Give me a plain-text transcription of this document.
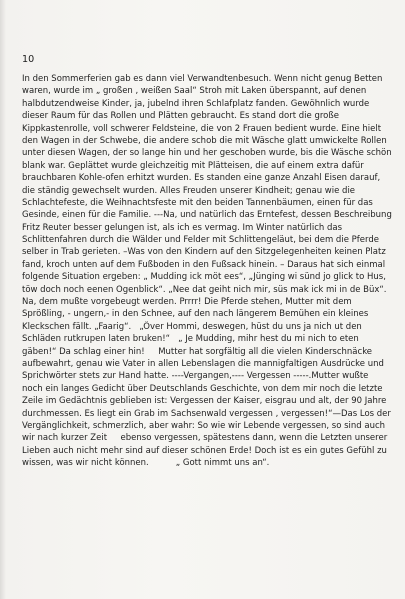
10
In den Sommerferien gab es dann viel Verwandtenbesuch. Wenn nicht genug Betten
waren, wurde im „ großen , weißen Saal“ Stroh mit Laken überspannt, auf denen
halbdutzendweise Kinder, ja, jubelnd ihren Schlafplatz fanden. Gewöhnlich wurde
dieser Raum für das Rollen und Plätten gebraucht. Es stand dort die große
Kippkastenrolle, voll schwerer Feldsteine, die von 2 Frauen bedient wurde. Eine hielt
den Wagen in der Schwebe, die andere schob die mit Wäsche glatt umwickelte Rollen
unter diesen Wagen, der so lange hin und her geschoben wurde, bis die Wäsche schön
blank war. Geplättet wurde gleichzeitig mit Plätteisen, die auf einem extra dafür
brauchbaren Kohle-ofen erhitzt wurden. Es standen eine ganze Anzahl Eisen darauf,
die ständig gewechselt wurden. Alles Freuden unserer Kindheit; genau wie die
Schlachtefeste, die Weihnachtsfeste mit den beiden Tannenbäumen, einen für das
Gesinde, einen für die Familie. ---Na, und natürlich das Erntefest, dessen Beschreibung
Fritz Reuter besser gelungen ist, als ich es vermag. Im Winter natürlich das
Schlittenfahren durch die Wälder und Felder mit Schlittengeläut, bei dem die Pferde
selber in Trab gerieten. –Was von den Kindern auf den Sitzgelegenheiten keinen Platz
fand, kroch unten auf dem Fußboden in den Fußsack hinein. – Daraus hat sich einmal
folgende Situation ergeben: „ Mudding ick möt ees“, „Jünging wi sünd jo glick to Hus,
töw doch noch eenen Ogenblick“. „Nee dat geiht nich mir, süs mak ick mi in de Büx“.
Na, dem mußte vorgebeugt werden. Prrrr! Die Pferde stehen, Mutter mit dem
Sprößling, - ungern,- in den Schnee, auf den nach längerem Bemühen ein kleines
Kleckschen fällt. „Faarig“.   „Över Hommi, deswegen, hüst du uns ja nich ut den
Schläden rutkrupen laten bruken!“   „ Je Mudding, mihr hest du mi nich to eten
gäben!“ Da schlag einer hin!     Mutter hat sorgfältig all die vielen Kinderschnäcke
aufbewahrt, genau wie Vater in allen Lebenslagen die mannigfaltigen Ausdrücke und
Sprichwörter stets zur Hand hatte. ----Vergangen,---- Vergessen -----.Mutter wußte
noch ein langes Gedicht über Deutschlands Geschichte, von dem mir noch die letzte
Zeile im Gedächtnis geblieben ist: Vergessen der Kaiser, eisgrau und alt, der 90 Jahre
durchmessen. Es liegt ein Grab im Sachsenwald vergessen , vergessen!“—Das Los der
Vergänglichkeit, schmerzlich, aber wahr: So wie wir Lebende vergessen, so sind auch
wir nach kurzer Zeit     ebenso vergessen, spätestens dann, wenn die Letzten unserer
Lieben auch nicht mehr sind auf dieser schönen Erde! Doch ist es ein gutes Gefühl zu
wissen, was wir nicht können.          „ Gott nimmt uns an“.
